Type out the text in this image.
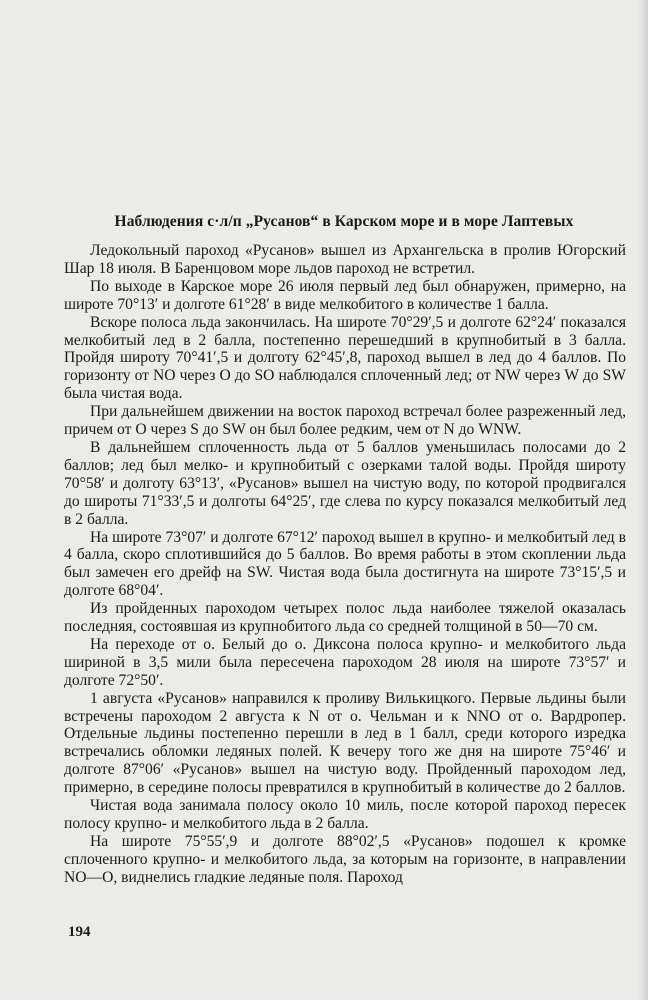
Наблюдения с·л/п „Русанов“ в Карском море и в море Лаптевых

Ледокольный пароход «Русанов» вышел из Архангельска в пролив Югорский Шар 18 июля. В Баренцовом море льдов пароход не встретил.

По выходе в Карское море 26 июля первый лед был обнаружен, примерно, на широте 70°13′ и долготе 61°28′ в виде мелкобитого в количестве 1 балла.

Вскоре полоса льда закончилась. На широте 70°29′,5 и долготе 62°24′ показался мелкобитый лед в 2 балла, постепенно перешедший в крупнобитый в 3 балла. Пройдя широту 70°41′,5 и долготу 62°45′,8, пароход вышел в лед до 4 баллов. По горизонту от NO через O до SO наблюдался сплоченный лед; от NW через W до SW была чистая вода.

При дальнейшем движении на восток пароход встречал более разреженный лед, причем от O через S до SW он был более редким, чем от N до WNW.

В дальнейшем сплоченность льда от 5 баллов уменьшилась полосами до 2 баллов; лед был мелко- и крупнобитый с озерками талой воды. Пройдя широту 70°58′ и долготу 63°13′, «Русанов» вышел на чистую воду, по которой продвигался до широты 71°33′,5 и долготы 64°25′, где слева по курсу показался мелкобитый лед в 2 балла.

На широте 73°07′ и долготе 67°12′ пароход вышел в крупно- и мелкобитый лед в 4 балла, скоро сплотившийся до 5 баллов. Во время работы в этом скоплении льда был замечен его дрейф на SW. Чистая вода была достигнута на широте 73°15′,5 и долготе 68°04′.

Из пройденных пароходом четырех полос льда наиболее тяжелой оказалась последняя, состоявшая из крупнобитого льда со средней толщиной в 50—70 см.

На переходе от о. Белый до о. Диксона полоса крупно- и мелкобитого льда шириной в 3,5 мили была пересечена пароходом 28 июля на широте 73°57′ и долготе 72°50′.

1 августа «Русанов» направился к проливу Вилькицкого. Первые льдины были встречены пароходом 2 августа к N от о. Чельман и к NNO от о. Вардропер. Отдельные льдины постепенно перешли в лед в 1 балл, среди которого изредка встречались обломки ледяных полей. К вечеру того же дня на широте 75°46′ и долготе 87°06′ «Русанов» вышел на чистую воду. Пройденный пароходом лед, примерно, в середине полосы превратился в крупнобитый в количестве до 2 баллов.

Чистая вода занимала полосу около 10 миль, после которой пароход пересек полосу крупно- и мелкобитого льда в 2 балла.

На широте 75°55′,9 и долготе 88°02′,5 «Русанов» подошел к кромке сплоченного крупно- и мелкобитого льда, за которым на горизонте, в направлении NO—O, виднелись гладкие ледяные поля. Пароход

194
